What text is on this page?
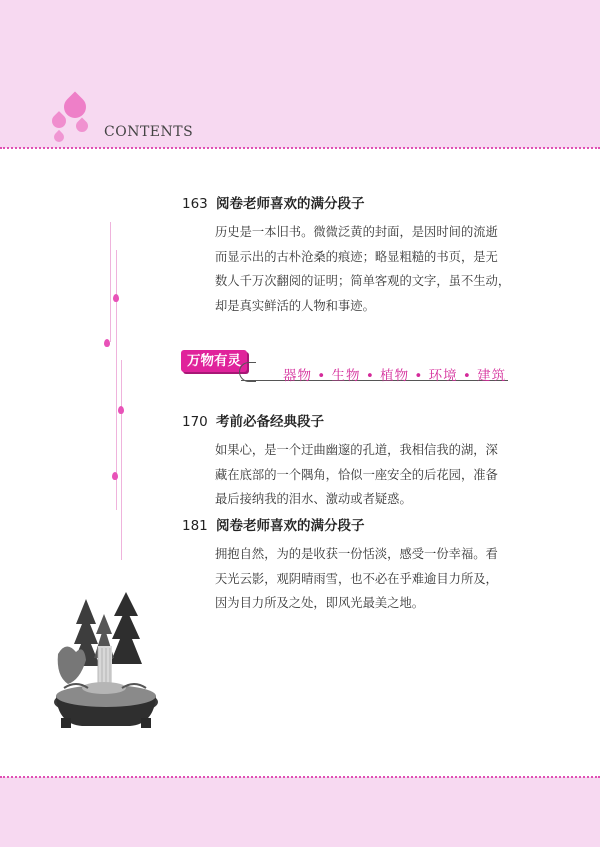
CONTENTS
163 阅卷老师喜欢的满分段子
历史是一本旧书。微微泛黄的封面，是因时间的流逝
而显示出的古朴沧桑的痕迹；略显粗糙的书页，是无
数人千万次翻阅的证明；简单客观的文字，虽不生动，
却是真实鲜活的人物和事迹。
万物有灵
器物 • 生物 • 植物 • 环境 • 建筑
170 考前必备经典段子
如果心，是一个迂曲幽邃的孔道，我相信我的湖，深
藏在底部的一个隅角，恰似一座安全的后花园，准备
最后接纳我的泪水、激动或者疑惑。
181 阅卷老师喜欢的满分段子
拥抱自然，为的是收获一份恬淡，感受一份幸福。看
天光云影，观阴晴雨雪，也不必在乎难逾目力所及，
因为目力所及之处，即风光最美之地。
